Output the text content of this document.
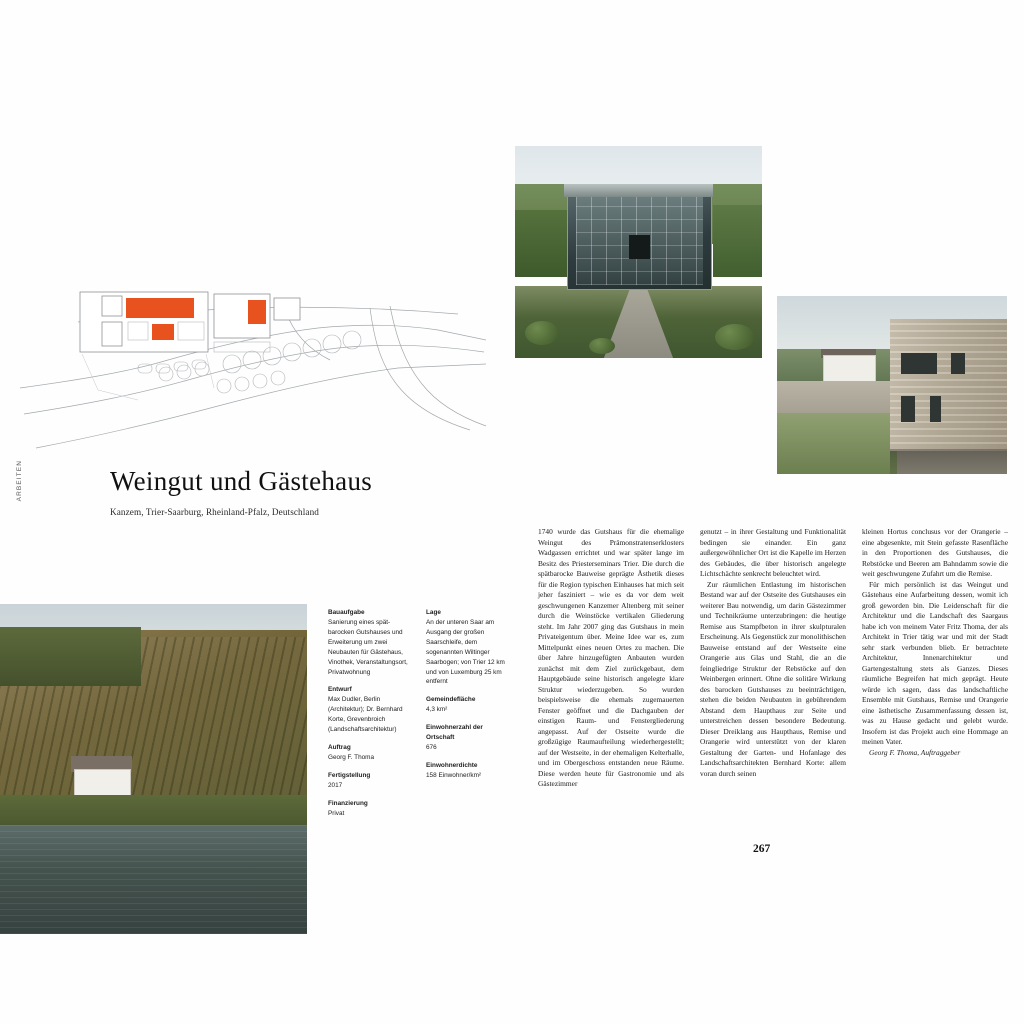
ARBEITEN	Weingut und Gästehaus

Kanzem, Trier-Saarburg, Rheinland-Pfalz, Deutschland

Bauaufgabe
Sanierung eines spät-barocken Gutshauses und Erweiterung um zwei Neubauten für Gästehaus, Vinothek, Veranstaltungsort, Privatwohnung
Entwurf
Max Dudler, Berlin (Architektur); Dr. Bernhard Korte, Grevenbroich (Landschaftsarchitektur)
Auftrag
Georg F. Thoma
Fertigstellung
2017
Finanzierung
Privat
Lage
An der unteren Saar am Ausgang der großen Saarschleife, dem sogenannten Wiltinger Saarbogen; von Trier 12 km und von Luxemburg 25 km entfernt
Gemeindefläche
4,3 km²
Einwohnerzahl der Ortschaft
676
Einwohnerdichte
158 Einwohner/km²

1740 wurde das Gutshaus für die ehemalige Weingut des Prämonstratenserklosters Wadgassen errichtet und war später lange im Besitz des Priesterseminars Trier. Die durch die spätbarocke Bauweise geprägte Ästhetik dieses für die Region typischen Einhauses hat mich seit jeher fasziniert – wie es da vor dem weit geschwungenen Kanzemer Altenberg mit seiner durch die Weinstöcke vertikalen Gliederung steht. Im Jahr 2007 ging das Gutshaus in mein Privateigentum über. Meine Idee war es, zum Mittelpunkt eines neuen Ortes zu machen. Die über Jahre hinzugefügten Anbauten wurden zunächst mit dem Ziel zurückgebaut, dem Hauptgebäude seine historisch angelegte klare Struktur wiederzugeben. So wurden beispielsweise die ehemals zugemauerten Fenster geöffnet und die Dachgauben der einstigen Raum- und Fenstergliederung angepasst. Auf der Ostseite wurde die großzügige Raumaufteilung wiederhergestellt; auf der Westseite, in der ehemaligen Kelterhalle, und im Obergeschoss entstanden neue Räume. Diese werden heute für Gastronomie und als Gästezimmer

genutzt – in ihrer Gestaltung und Funktionalität bedingen sie einander. Ein ganz außergewöhnlicher Ort ist die Kapelle im Herzen des Gebäudes, die über historisch angelegte Lichtschächte senkrecht beleuchtet wird.

Zur räumlichen Entlastung im historischen Bestand war auf der Ostseite des Gutshauses ein weiterer Bau notwendig, um darin Gästezimmer und Technikräume unterzubringen: die heutige Remise aus Stampfbeton in ihrer skulpturalen Erscheinung. Als Gegenstück zur monolithischen Bauweise entstand auf der Westseite eine Orangerie aus Glas und Stahl, die an die feingliedrige Struktur der Rebstöcke auf den Weinbergen erinnert. Ohne die solitäre Wirkung des barocken Gutshauses zu beeinträchtigen, stehen die beiden Neubauten in gebührendem Abstand dem Haupthaus zur Seite und unterstreichen dessen besondere Bedeutung. Dieser Dreiklang aus Haupthaus, Remise und Orangerie wird unterstützt von der klaren Gestaltung der Garten- und Hofanlage des Landschaftsarchitekten Bernhard Korte: allem voran durch seinen

kleinen Hortus conclusus vor der Orangerie – eine abgesenkte, mit Stein gefasste Rasenfläche in den Proportionen des Gutshauses, die Rebstöcke und Beeren am Bahndamm sowie die weit geschwungene Zufahrt um die Remise.

Für mich persönlich ist das Weingut und Gästehaus eine Aufarbeitung dessen, womit ich groß geworden bin. Die Leidenschaft für die Architektur und die Landschaft des Saargaus habe ich von meinem Vater Fritz Thoma, der als Architekt in Trier tätig war und mit der Stadt sehr stark verbunden blieb. Er betrachtete Architektur, Innenarchitektur und Gartengestaltung stets als Ganzes. Dieses räumliche Begreifen hat mich geprägt. Heute würde ich sagen, dass das landschaftliche Ensemble mit Gutshaus, Remise und Orangerie eine ästhetische Zusammenfassung dessen ist, was zu Hause gedacht und gelebt wurde. Insofern ist das Projekt auch eine Hommage an meinen Vater.

Georg F. Thoma, Auftraggeber

267
